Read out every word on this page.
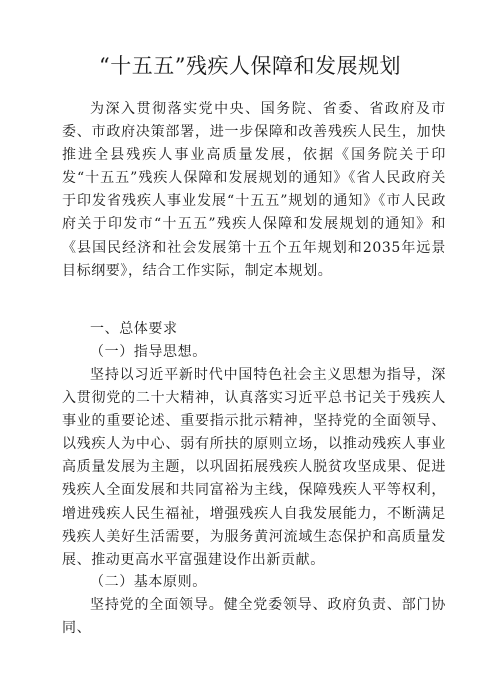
“十五五”残疾人保障和发展规划

为深入贯彻落实党中央、国务院、省委、省政府及市委、市政府决策部署，进一步保障和改善残疾人民生，加快推进全县残疾人事业高质量发展，依据《国务院关于印发“十五五”残疾人保障和发展规划的通知》《省人民政府关于印发省残疾人事业发展“十五五”规划的通知》《市人民政府关于印发市“十五五”残疾人保障和发展规划的通知》和《县国民经济和社会发展第十五个五年规划和2035年远景目标纲要》，结合工作实际，制定本规划。

一、总体要求

（一）指导思想。

坚持以习近平新时代中国特色社会主义思想为指导，深入贯彻党的二十大精神，认真落实习近平总书记关于残疾人事业的重要论述、重要指示批示精神，坚持党的全面领导、以残疾人为中心、弱有所扶的原则立场，以推动残疾人事业高质量发展为主题，以巩固拓展残疾人脱贫攻坚成果、促进残疾人全面发展和共同富裕为主线，保障残疾人平等权利，增进残疾人民生福祉，增强残疾人自我发展能力，不断满足残疾人美好生活需要，为服务黄河流域生态保护和高质量发展、推动更高水平富强建设作出新贡献。

（二）基本原则。

坚持党的全面领导。健全党委领导、政府负责、部门协同、
